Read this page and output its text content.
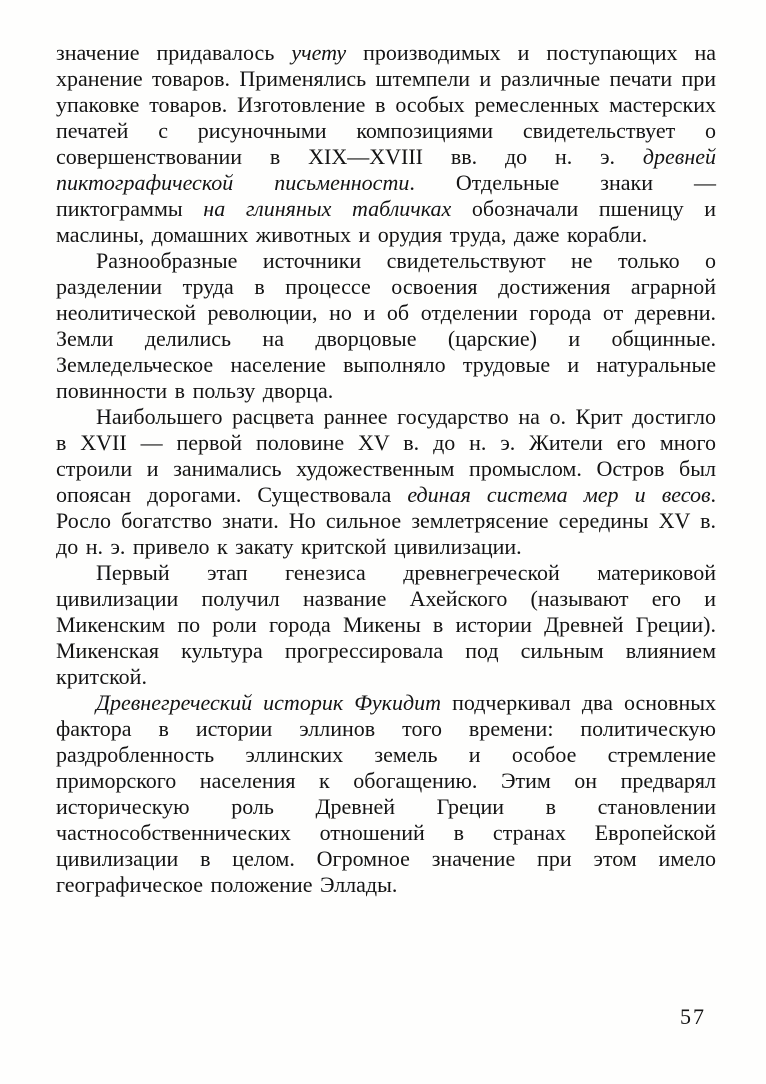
значение придавалось учету производимых и поступающих на хранение товаров. Применялись штемпели и различные печати при упаковке товаров. Изготовление в особых ремесленных мастерских печатей с рисуночными композициями свидетельствует о совершенствовании в XIX—XVIII вв. до н. э. древней пиктографической письменности. Отдельные знаки — пиктограммы на глиняных табличках обозначали пшеницу и маслины, домашних животных и орудия труда, даже корабли.

Разнообразные источники свидетельствуют не только о разделении труда в процессе освоения достижения аграрной неолитической революции, но и об отделении города от деревни. Земли делились на дворцовые (царские) и общинные. Земледельческое население выполняло трудовые и натуральные повинности в пользу дворца.

Наибольшего расцвета раннее государство на о. Крит достигло в XVII — первой половине XV в. до н. э. Жители его много строили и занимались художественным промыслом. Остров был опоясан дорогами. Существовала единая система мер и весов. Росло богатство знати. Но сильное землетрясение середины XV в. до н. э. привело к закату критской цивилизации.

Первый этап генезиса древнегреческой материковой цивилизации получил название Ахейского (называют его и Микенским по роли города Микены в истории Древней Греции). Микенская культура прогрессировала под сильным влиянием критской.

Древнегреческий историк Фукидит подчеркивал два основных фактора в истории эллинов того времени: политическую раздробленность эллинских земель и особое стремление приморского населения к обогащению. Этим он предварял историческую роль Древней Греции в становлении частнособственнических отношений в странах Европейской цивилизации в целом. Огромное значение при этом имело географическое положение Эллады.

57
